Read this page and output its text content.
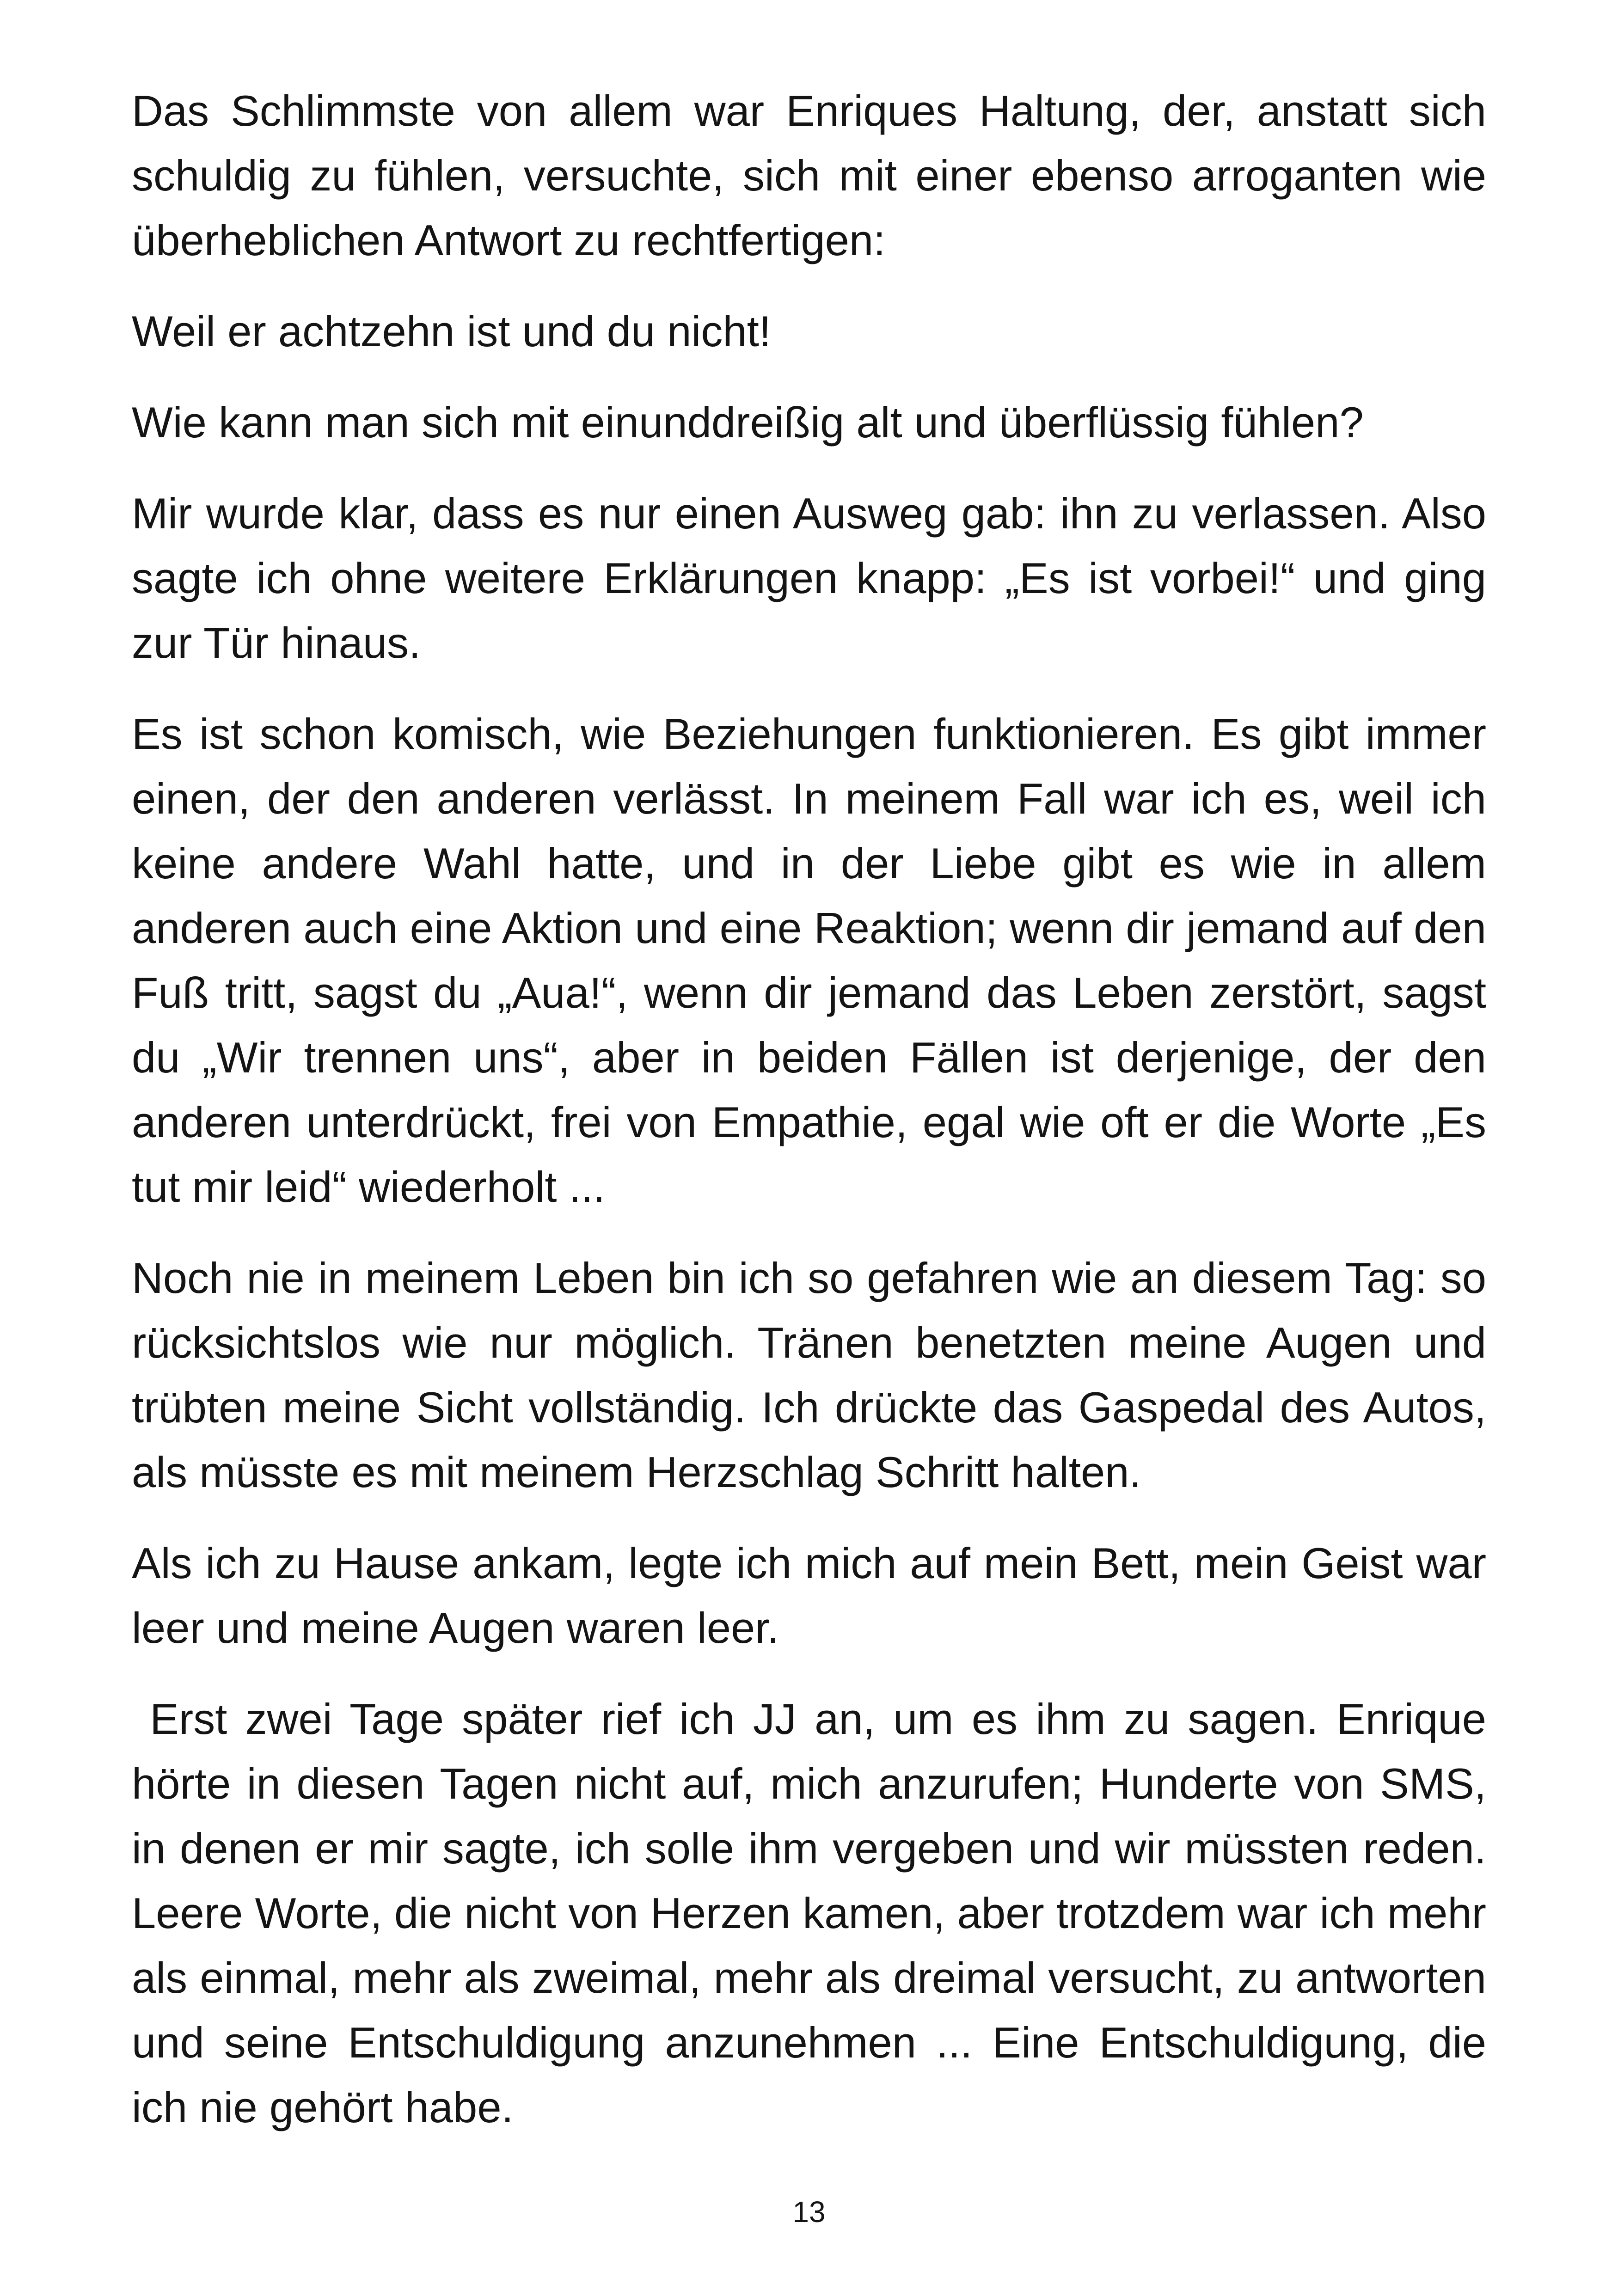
Das Schlimmste von allem war Enriques Haltung, der, anstatt sich schuldig zu fühlen, versuchte, sich mit einer ebenso arroganten wie überheblichen Antwort zu rechtfertigen:

Weil er achtzehn ist und du nicht!

Wie kann man sich mit einunddreißig alt und überflüssig fühlen?

Mir wurde klar, dass es nur einen Ausweg gab: ihn zu verlassen. Also sagte ich ohne weitere Erklärungen knapp: „Es ist vorbei!“ und ging zur Tür hinaus.

Es ist schon komisch, wie Beziehungen funktionieren. Es gibt immer einen, der den anderen verlässt. In meinem Fall war ich es, weil ich keine andere Wahl hatte, und in der Liebe gibt es wie in allem anderen auch eine Aktion und eine Reaktion; wenn dir jemand auf den Fuß tritt, sagst du „Aua!“, wenn dir jemand das Leben zerstört, sagst du „Wir trennen uns“, aber in beiden Fällen ist derjenige, der den anderen unterdrückt, frei von Empathie, egal wie oft er die Worte „Es tut mir leid“ wiederholt ...

Noch nie in meinem Leben bin ich so gefahren wie an diesem Tag: so rücksichtslos wie nur möglich. Tränen benetzten meine Augen und trübten meine Sicht vollständig. Ich drückte das Gaspedal des Autos, als müsste es mit meinem Herzschlag Schritt halten.

Als ich zu Hause ankam, legte ich mich auf mein Bett, mein Geist war leer und meine Augen waren leer.

Erst zwei Tage später rief ich JJ an, um es ihm zu sagen. Enrique hörte in diesen Tagen nicht auf, mich anzurufen; Hunderte von SMS, in denen er mir sagte, ich solle ihm vergeben und wir müssten reden. Leere Worte, die nicht von Herzen kamen, aber trotzdem war ich mehr als einmal, mehr als zweimal, mehr als dreimal versucht, zu antworten und seine Entschuldigung anzunehmen ... Eine Entschuldigung, die ich nie gehört habe.

13
